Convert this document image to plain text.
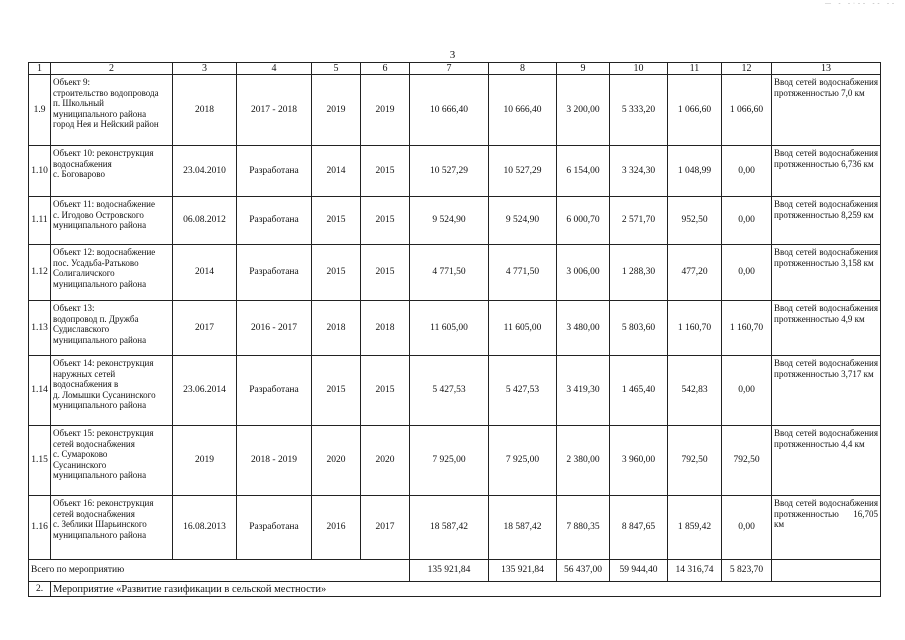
— - -·-- -- --
3
1	2	3	4	5	6	7	8	9	10	11	12	13
1.9	Объект 9:
строительство водопровода
п. Школьный
муниципального района
город Нея и Нейский район	2018	2017 - 2018	2019	2019	10 666,40	10 666,40	3 200,00	5 333,20	1 066,60	1 066,60	Ввод сетей водоснабжения протяженностью 7,0 км
1.10	Объект 10: реконструкция
водоснабжения
с. Боговарово	23.04.2010	Разработана	2014	2015	10 527,29	10 527,29	6 154,00	3 324,30	1 048,99	0,00	Ввод сетей водоснабжения протяженностью 6,736 км
1.11	Объект 11: водоснабжение
с. Игодово Островского
муниципального района	06.08.2012	Разработана	2015	2015	9 524,90	9 524,90	6 000,70	2 571,70	952,50	0,00	Ввод сетей водоснабжения протяженностью 8,259 км
1.12	Объект 12: водоснабжение
пос. Усадьба-Ратьково
Солигаличского
муниципального района	2014	Разработана	2015	2015	4 771,50	4 771,50	3 006,00	1 288,30	477,20	0,00	Ввод сетей водоснабжения протяженностью 3,158 км
1.13	Объект 13:
водопровод п. Дружба
Судиславского
муниципального района	2017	2016 - 2017	2018	2018	11 605,00	11 605,00	3 480,00	5 803,60	1 160,70	1 160,70	Ввод сетей водоснабжения протяженностью 4,9 км
1.14	Объект 14: реконструкция
наружных сетей
водоснабжения в
д. Ломышки Сусанинского
муниципального района	23.06.2014	Разработана	2015	2015	5 427,53	5 427,53	3 419,30	1 465,40	542,83	0,00	Ввод сетей водоснабжения протяженностью 3,717 км
1.15	Объект 15: реконструкция
сетей водоснабжения
с. Сумароково
Сусанинского
муниципального района	2019	2018 - 2019	2020	2020	7 925,00	7 925,00	2 380,00	3 960,00	792,50	792,50	Ввод сетей водоснабжения протяженностью 4,4 км
1.16	Объект 16: реконструкция
сетей водоснабжения
с. Зеблики Шарьинского
муниципального района	16.08.2013	Разработана	2016	2017	18 587,42	18 587,42	7 880,35	8 847,65	1 859,42	0,00	Ввод сетей водоснабжения протяженностью 16,705 км
Всего по мероприятию						135 921,84	135 921,84	56 437,00	59 944,40	14 316,74	5 823,70	
2.	Мероприятие «Развитие газификации в сельской местности»											
